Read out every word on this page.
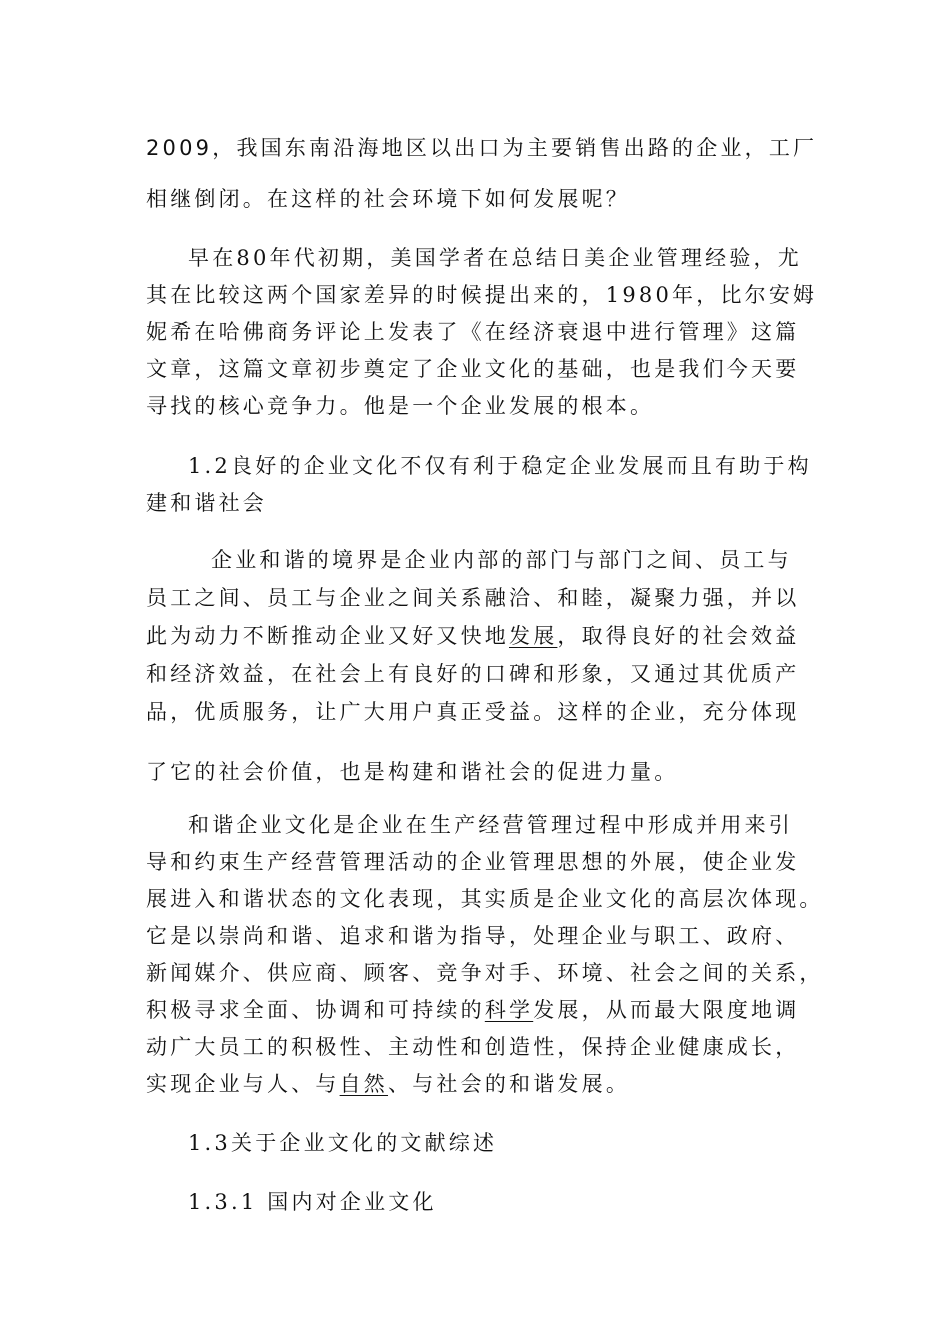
2009，我国东南沿海地区以出口为主要销售出路的企业，工厂
相继倒闭。在这样的社会环境下如何发展呢？
早在80年代初期，美国学者在总结日美企业管理经验，尤
其在比较这两个国家差异的时候提出来的，1980年，比尔安姆
妮希在哈佛商务评论上发表了《在经济衰退中进行管理》这篇
文章，这篇文章初步奠定了企业文化的基础，也是我们今天要
寻找的核心竞争力。他是一个企业发展的根本。
1.2良好的企业文化不仅有利于稳定企业发展而且有助于构
建和谐社会
企业和谐的境界是企业内部的部门与部门之间、员工与
员工之间、员工与企业之间关系融洽、和睦，凝聚力强，并以
此为动力不断推动企业又好又快地发展，取得良好的社会效益
和经济效益，在社会上有良好的口碑和形象，又通过其优质产
品，优质服务，让广大用户真正受益。这样的企业，充分体现
了它的社会价值，也是构建和谐社会的促进力量。
和谐企业文化是企业在生产经营管理过程中形成并用来引
导和约束生产经营管理活动的企业管理思想的外展，使企业发
展进入和谐状态的文化表现，其实质是企业文化的高层次体现。
它是以崇尚和谐、追求和谐为指导，处理企业与职工、政府、
新闻媒介、供应商、顾客、竞争对手、环境、社会之间的关系，
积极寻求全面、协调和可持续的科学发展，从而最大限度地调
动广大员工的积极性、主动性和创造性，保持企业健康成长，
实现企业与人、与自然、与社会的和谐发展。
1.3关于企业文化的文献综述
1.3.1 国内对企业文化
